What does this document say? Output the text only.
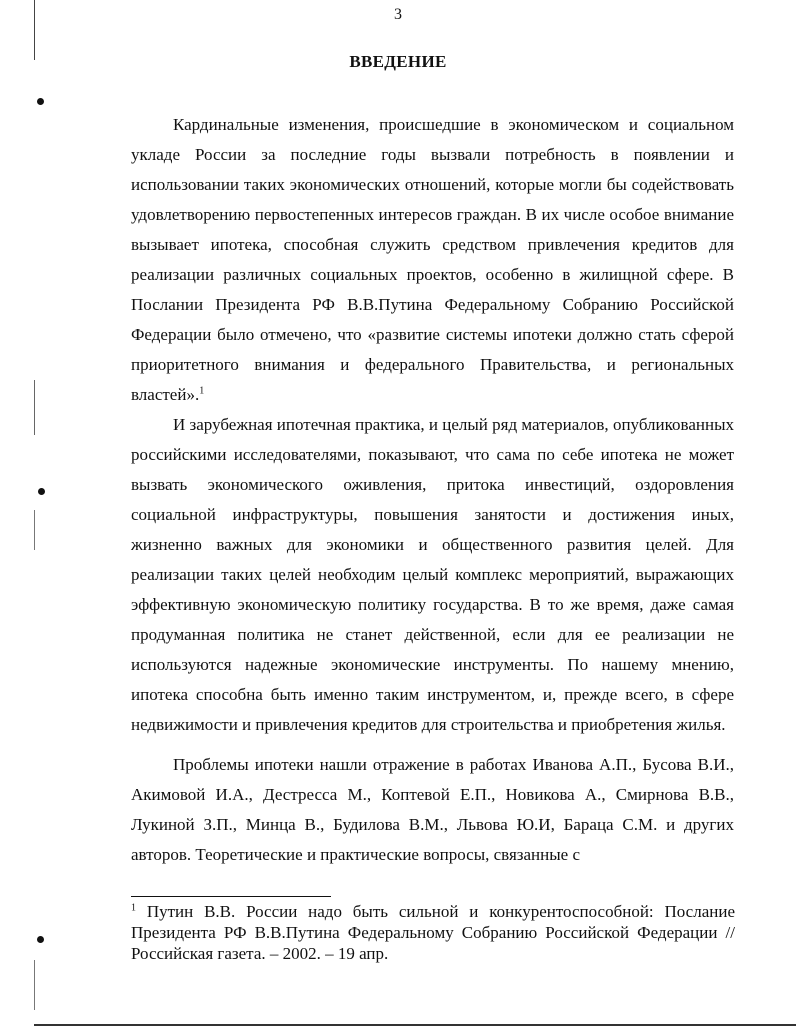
3
ВВЕДЕНИЕ

Кардинальные изменения, происшедшие в экономическом и социальном укладе России за последние годы вызвали потребность в появлении и использовании таких экономических отношений, которые могли бы содействовать удовлетворению первостепенных интересов граждан. В их числе особое внимание вызывает ипотека, способная служить средством привлечения кредитов для реализации различных социальных проектов, особенно в жилищной сфере. В Послании Президента РФ В.В.Путина Федеральному Собранию Российской Федерации было отмечено, что «развитие системы ипотеки должно стать сферой приоритетного внимания и федерального Правительства, и региональных властей».$^1$

И зарубежная ипотечная практика, и целый ряд материалов, опубликованных российскими исследователями, показывают, что сама по себе ипотека не может вызвать экономического оживления, притока инвестиций, оздоровления социальной инфраструктуры, повышения занятости и достижения иных, жизненно важных для экономики и общественного развития целей. Для реализации таких целей необходим целый комплекс мероприятий, выражающих эффективную экономическую политику государства. В то же время, даже самая продуманная политика не станет действенной, если для ее реализации не используются надежные экономические инструменты. По нашему мнению, ипотека способна быть именно таким инструментом, и, прежде всего, в сфере недвижимости и привлечения кредитов для строительства и приобретения жилья.

Проблемы ипотеки нашли отражение в работах Иванова А.П., Бусова В.И., Акимовой И.А., Дестресса М., Коптевой Е.П., Новикова А., Смирнова В.В., Лукиной З.П., Минца В., Будилова В.М., Львова Ю.И, Бараца С.М. и других авторов. Теоретические и практические вопросы, связанные с

$^1$ Путин В.В. России надо быть сильной и конкурентоспособной: Послание Президента РФ В.В.Путина Федеральному Собранию Российской Федерации // Российская газета. – 2002. – 19 апр.
